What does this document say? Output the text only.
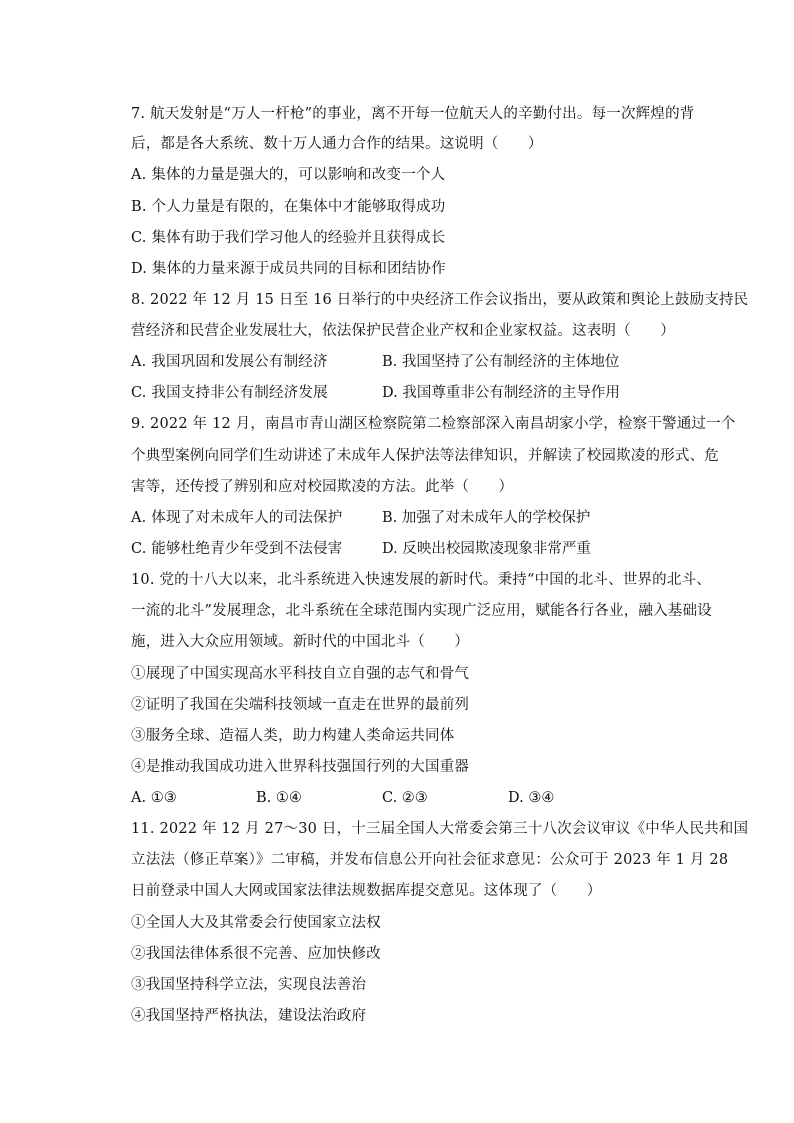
7. 航天发射是“万人一杆枪”的事业，离不开每一位航天人的辛勤付出。每一次辉煌的背
后，都是各大系统、数十万人通力合作的结果。这说明（　　）
A. 集体的力量是强大的，可以影响和改变一个人
B. 个人力量是有限的，在集体中才能够取得成功
C. 集体有助于我们学习他人的经验并且获得成长
D. 集体的力量来源于成员共同的目标和团结协作
8. 2022 年 12 月 15 日至 16 日举行的中央经济工作会议指出，要从政策和舆论上鼓励支持民
营经济和民营企业发展壮大，依法保护民营企业产权和企业家权益。这表明（　　）
A. 我国巩固和发展公有制经济	B. 我国坚持了公有制经济的主体地位
C. 我国支持非公有制经济发展	D. 我国尊重非公有制经济的主导作用
9. 2022 年 12 月，南昌市青山湖区检察院第二检察部深入南昌胡家小学，检察干警通过一个
个典型案例向同学们生动讲述了未成年人保护法等法律知识，并解读了校园欺凌的形式、危
害等，还传授了辨别和应对校园欺凌的方法。此举（　　）
A. 体现了对未成年人的司法保护	B. 加强了对未成年人的学校保护
C. 能够杜绝青少年受到不法侵害	D. 反映出校园欺凌现象非常严重
10. 党的十八大以来，北斗系统进入快速发展的新时代。秉持“中国的北斗、世界的北斗、
一流的北斗”发展理念，北斗系统在全球范围内实现广泛应用，赋能各行各业，融入基础设
施，进入大众应用领域。新时代的中国北斗（　　）
①展现了中国实现高水平科技自立自强的志气和骨气
②证明了我国在尖端科技领域一直走在世界的最前列
③服务全球、造福人类，助力构建人类命运共同体
④是推动我国成功进入世界科技强国行列的大国重器
A. ①③	B. ①④	C. ②③	D. ③④
11. 2022 年 12 月 27～30 日，十三届全国人大常委会第三十八次会议审议《中华人民共和国
立法法（修正草案）》二审稿，并发布信息公开向社会征求意见：公众可于 2023 年 1 月 28
日前登录中国人大网或国家法律法规数据库提交意见。这体现了（　　）
①全国人大及其常委会行使国家立法权
②我国法律体系很不完善、应加快修改
③我国坚持科学立法，实现良法善治
④我国坚持严格执法，建设法治政府
